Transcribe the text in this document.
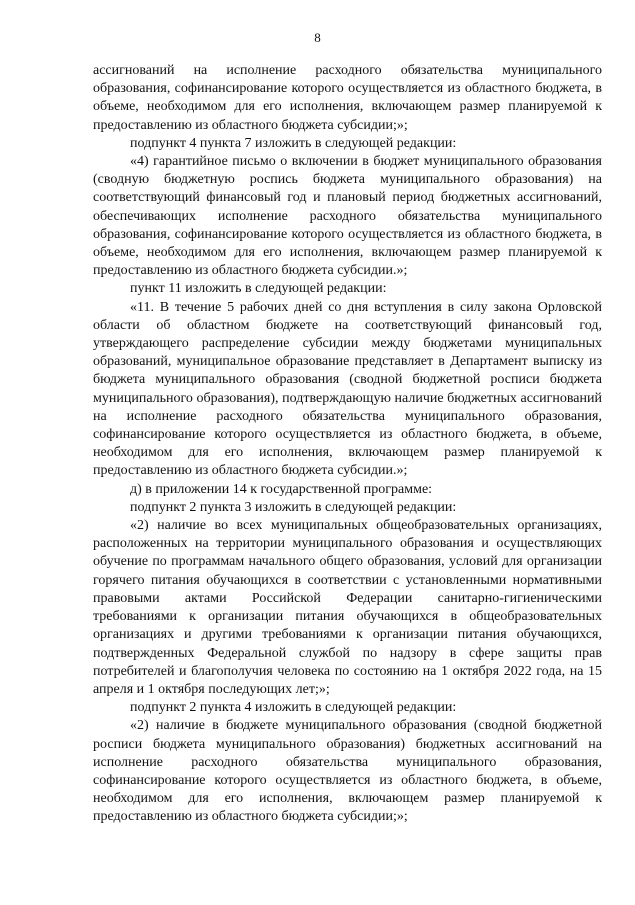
8

ассигнований на исполнение расходного обязательства муниципального образования, софинансирование которого осуществляется из областного бюджета, в объеме, необходимом для его исполнения, включающем размер планируемой к предоставлению из областного бюджета субсидии;»;

подпункт 4 пункта 7 изложить в следующей редакции:

«4) гарантийное письмо о включении в бюджет муниципального образования (сводную бюджетную роспись бюджета муниципального образования) на соответствующий финансовый год и плановый период бюджетных ассигнований, обеспечивающих исполнение расходного обязательства муниципального образования, софинансирование которого осуществляется из областного бюджета, в объеме, необходимом для его исполнения, включающем размер планируемой к предоставлению из областного бюджета субсидии.»;

пункт 11 изложить в следующей редакции:

«11. В течение 5 рабочих дней со дня вступления в силу закона Орловской области об областном бюджете на соответствующий финансовый год, утверждающего распределение субсидии между бюджетами муниципальных образований, муниципальное образование представляет в Департамент выписку из бюджета муниципального образования (сводной бюджетной росписи бюджета муниципального образования), подтверждающую наличие бюджетных ассигнований на исполнение расходного обязательства муниципального образования, софинансирование которого осуществляется из областного бюджета, в объеме, необходимом для его исполнения, включающем размер планируемой к предоставлению из областного бюджета субсидии.»;

д) в приложении 14 к государственной программе:

подпункт 2 пункта 3 изложить в следующей редакции:

«2) наличие во всех муниципальных общеобразовательных организациях, расположенных на территории муниципального образования и осуществляющих обучение по программам начального общего образования, условий для организации горячего питания обучающихся в соответствии с установленными нормативными правовыми актами Российской Федерации санитарно-гигиеническими требованиями к организации питания обучающихся в общеобразовательных организациях и другими требованиями к организации питания обучающихся, подтвержденных Федеральной службой по надзору в сфере защиты прав потребителей и благополучия человека по состоянию на 1 октября 2022 года, на 15 апреля и 1 октября последующих лет;»;

подпункт 2 пункта 4 изложить в следующей редакции:

«2) наличие в бюджете муниципального образования (сводной бюджетной росписи бюджета муниципального образования) бюджетных ассигнований на исполнение расходного обязательства муниципального образования, софинансирование которого осуществляется из областного бюджета, в объеме, необходимом для его исполнения, включающем размер планируемой к предоставлению из областного бюджета субсидии;»;
